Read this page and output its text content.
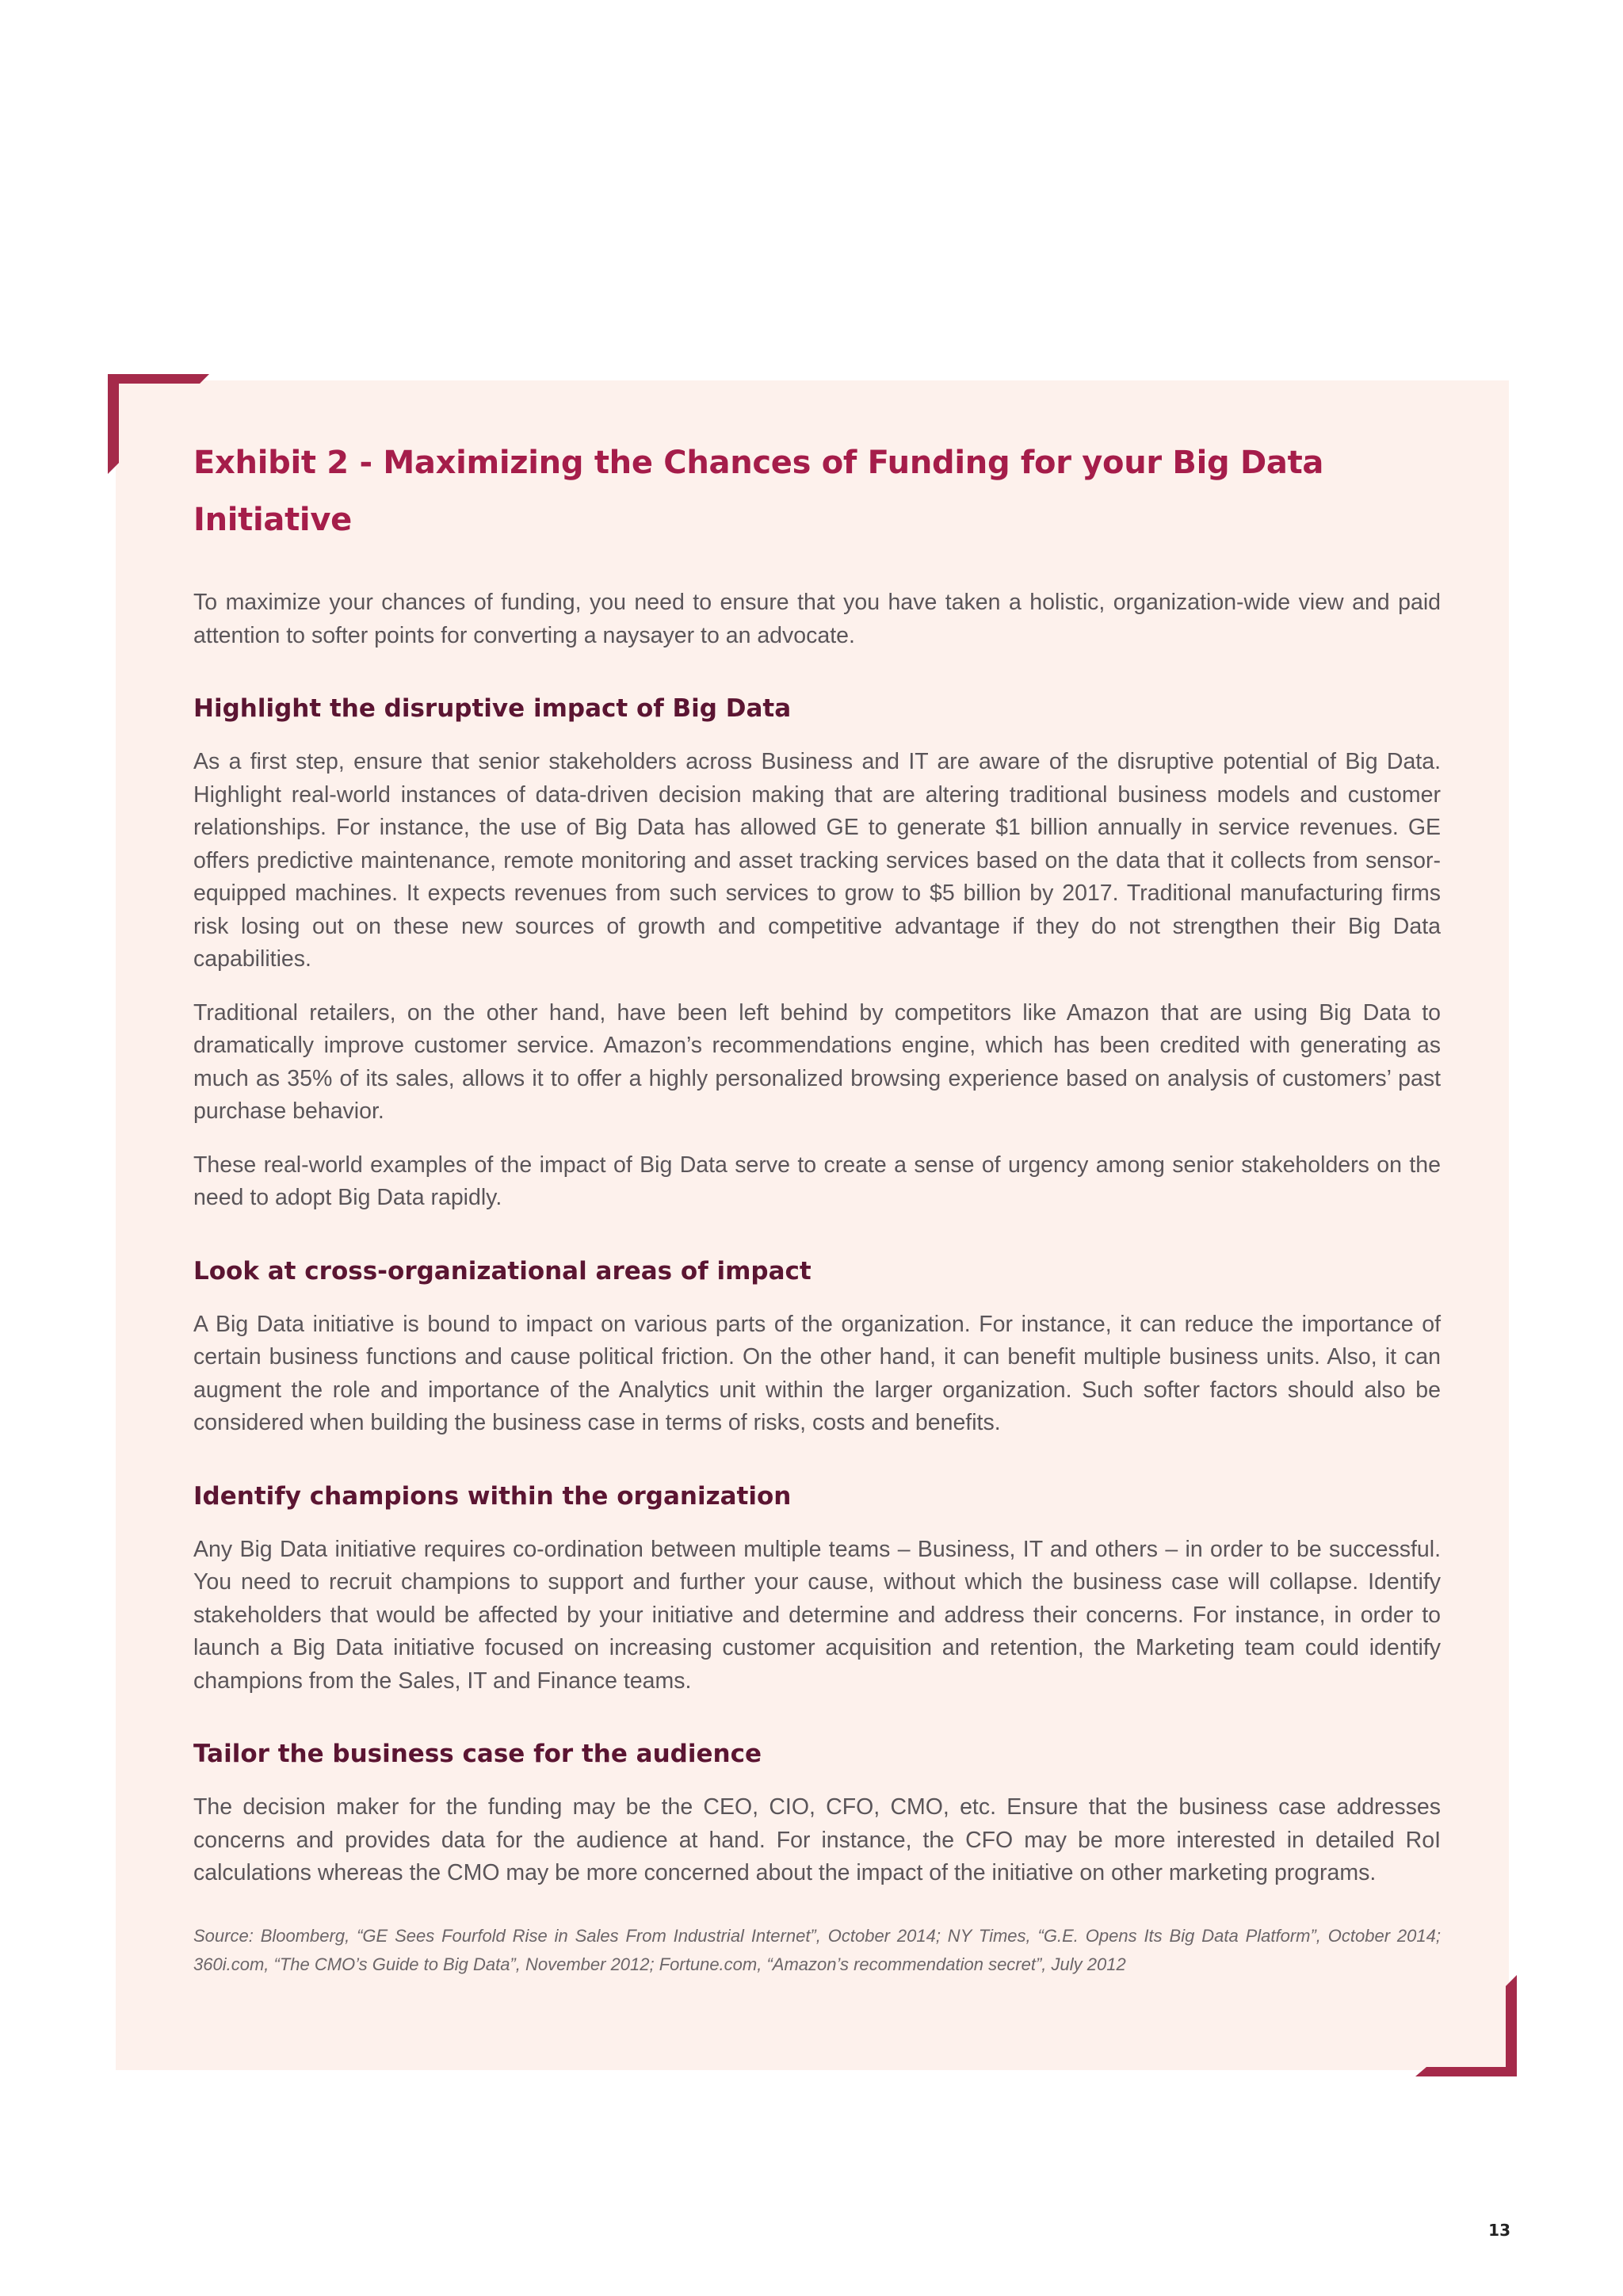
Exhibit 2 - Maximizing the Chances of Funding for your Big Data Initiative

To maximize your chances of funding, you need to ensure that you have taken a holistic, organization-wide view and paid attention to softer points for converting a naysayer to an advocate.

Highlight the disruptive impact of Big Data

As a first step, ensure that senior stakeholders across Business and IT are aware of the disruptive potential of Big Data. Highlight real-world instances of data-driven decision making that are altering traditional business models and customer relationships. For instance, the use of Big Data has allowed GE to generate $1 billion annually in service revenues. GE offers predictive maintenance, remote monitoring and asset tracking services based on the data that it collects from sensor-equipped machines. It expects revenues from such services to grow to $5 billion by 2017. Traditional manufacturing firms risk losing out on these new sources of growth and competitive advantage if they do not strengthen their Big Data capabilities.

Traditional retailers, on the other hand, have been left behind by competitors like Amazon that are using Big Data to dramatically improve customer service. Amazon’s recommendations engine, which has been credited with generating as much as 35% of its sales, allows it to offer a highly personalized browsing experience based on analysis of customers’ past purchase behavior.

These real-world examples of the impact of Big Data serve to create a sense of urgency among senior stakeholders on the need to adopt Big Data rapidly.

Look at cross-organizational areas of impact

A Big Data initiative is bound to impact on various parts of the organization. For instance, it can reduce the importance of certain business functions and cause political friction. On the other hand, it can benefit multiple business units. Also, it can augment the role and importance of the Analytics unit within the larger organization. Such softer factors should also be considered when building the business case in terms of risks, costs and benefits.

Identify champions within the organization

Any Big Data initiative requires co-ordination between multiple teams – Business, IT and others – in order to be successful. You need to recruit champions to support and further your cause, without which the business case will collapse. Identify stakeholders that would be affected by your initiative and determine and address their concerns. For instance, in order to launch a Big Data initiative focused on increasing customer acquisition and retention, the Marketing team could identify champions from the Sales, IT and Finance teams.

Tailor the business case for the audience

The decision maker for the funding may be the CEO, CIO, CFO, CMO, etc. Ensure that the business case addresses concerns and provides data for the audience at hand. For instance, the CFO may be more interested in detailed RoI calculations whereas the CMO may be more concerned about the impact of the initiative on other marketing programs.

Source: Bloomberg, “GE Sees Fourfold Rise in Sales From Industrial Internet”, October 2014; NY Times, “G.E. Opens Its Big Data Platform”, October 2014; 360i.com, “The CMO’s Guide to Big Data”, November 2012; Fortune.com, “Amazon’s recommendation secret”, July 2012

13
